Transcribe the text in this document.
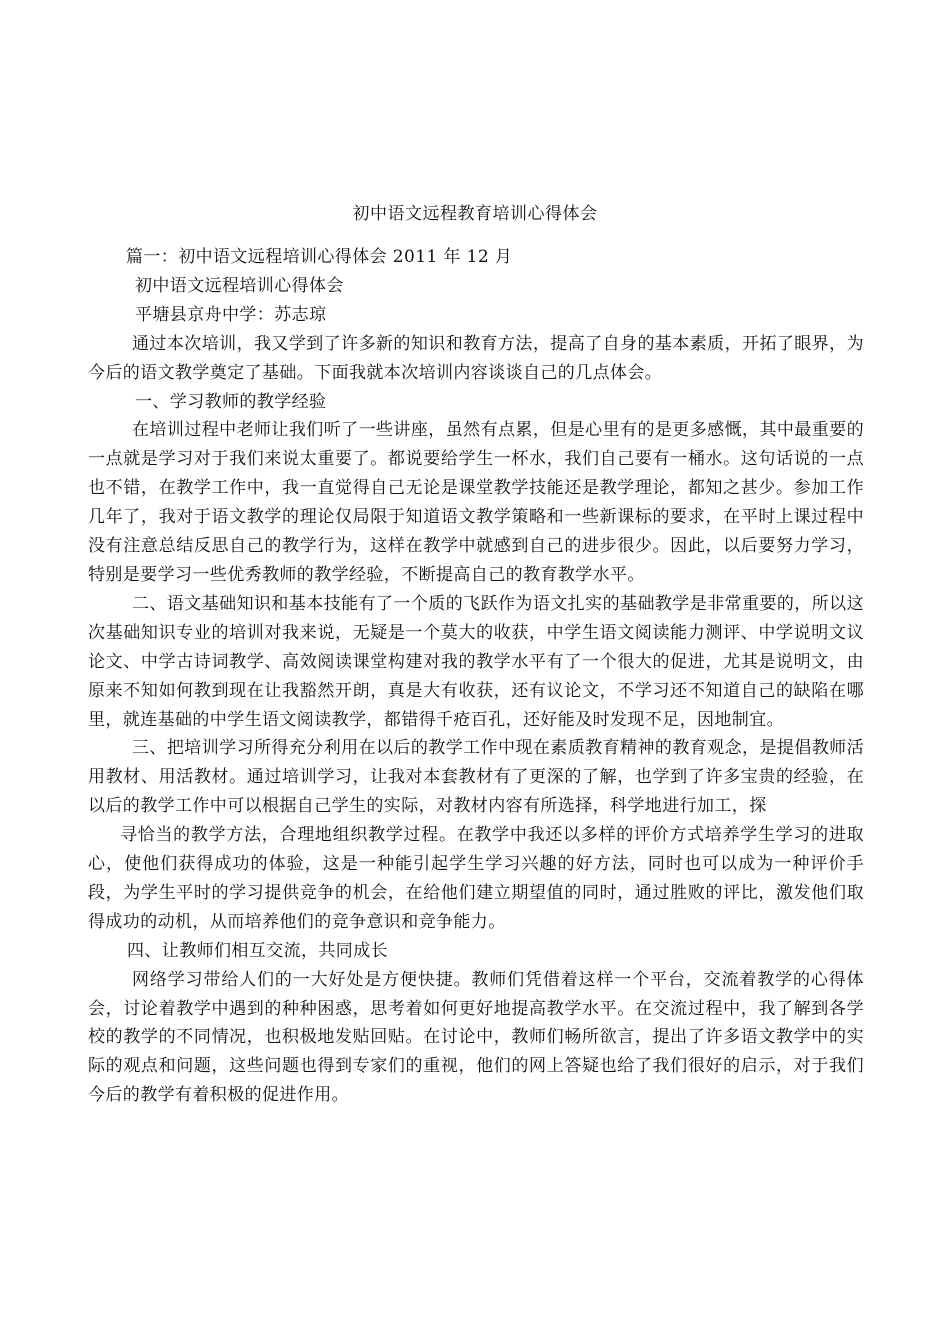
初中语文远程教育培训心得体会

篇一：初中语文远程培训心得体会 2011 年 12 月

初中语文远程培训心得体会

平塘县京舟中学：苏志琼

通过本次培训，我又学到了许多新的知识和教育方法，提高了自身的基本素质，开拓了眼界，为今后的语文教学奠定了基础。下面我就本次培训内容谈谈自己的几点体会。

一、学习教师的教学经验

在培训过程中老师让我们听了一些讲座，虽然有点累，但是心里有的是更多感慨，其中最重要的一点就是学习对于我们来说太重要了。都说要给学生一杯水，我们自己要有一桶水。这句话说的一点也不错，在教学工作中，我一直觉得自己无论是课堂教学技能还是教学理论，都知之甚少。参加工作几年了，我对于语文教学的理论仅局限于知道语文教学策略和一些新课标的要求，在平时上课过程中没有注意总结反思自己的教学行为，这样在教学中就感到自己的进步很少。因此，以后要努力学习，特别是要学习一些优秀教师的教学经验，不断提高自己的教育教学水平。

二、语文基础知识和基本技能有了一个质的飞跃作为语文扎实的基础教学是非常重要的，所以这次基础知识专业的培训对我来说，无疑是一个莫大的收获，中学生语文阅读能力测评、中学说明文议论文、中学古诗词教学、高效阅读课堂构建对我的教学水平有了一个很大的促进，尤其是说明文，由原来不知如何教到现在让我豁然开朗，真是大有收获，还有议论文，不学习还不知道自己的缺陷在哪里，就连基础的中学生语文阅读教学，都错得千疮百孔，还好能及时发现不足，因地制宜。

三、把培训学习所得充分利用在以后的教学工作中现在素质教育精神的教育观念，是提倡教师活用教材、用活教材。通过培训学习，让我对本套教材有了更深的了解，也学到了许多宝贵的经验，在以后的教学工作中可以根据自己学生的实际，对教材内容有所选择，科学地进行加工，探

寻恰当的教学方法，合理地组织教学过程。在教学中我还以多样的评价方式培养学生学习的进取心，使他们获得成功的体验，这是一种能引起学生学习兴趣的好方法，同时也可以成为一种评价手段，为学生平时的学习提供竞争的机会，在给他们建立期望值的同时，通过胜败的评比，激发他们取得成功的动机，从而培养他们的竞争意识和竞争能力。

四、让教师们相互交流，共同成长

网络学习带给人们的一大好处是方便快捷。教师们凭借着这样一个平台，交流着教学的心得体会，讨论着教学中遇到的种种困惑，思考着如何更好地提高教学水平。在交流过程中，我了解到各学校的教学的不同情况，也积极地发贴回贴。在讨论中，教师们畅所欲言，提出了许多语文教学中的实际的观点和问题，这些问题也得到专家们的重视，他们的网上答疑也给了我们很好的启示，对于我们今后的教学有着积极的促进作用。
